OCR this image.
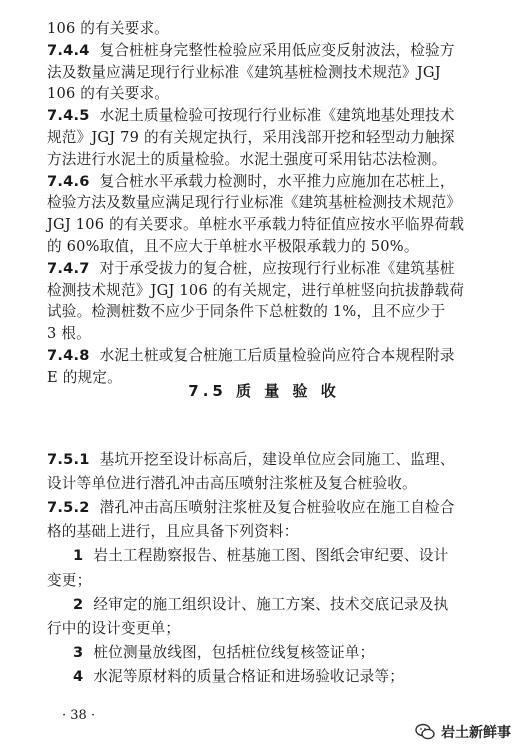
106 的有关要求。
7.4.4 复合桩桩身完整性检验应采用低应变反射波法，检验方
法及数量应满足现行行业标准《建筑基桩检测技术规范》JGJ
106 的有关要求。
7.4.5 水泥土质量检验可按现行行业标准《建筑地基处理技术
规范》JGJ 79 的有关规定执行，采用浅部开挖和轻型动力触探
方法进行水泥土的质量检验。水泥土强度可采用钻芯法检测。
7.4.6 复合桩水平承载力检测时，水平推力应施加在芯桩上，
检验方法及数量应满足现行行业标准《建筑基桩检测技术规范》
JGJ 106 的有关要求。单桩水平承载力特征值应按水平临界荷载
的 60%取值，且不应大于单桩水平极限承载力的 50%。
7.4.7 对于承受拔力的复合桩，应按现行行业标准《建筑基桩
检测技术规范》JGJ 106 的有关规定，进行单桩竖向抗拔静载荷
试验。检测桩数不应少于同条件下总桩数的 1%，且不应少于
3 根。
7.4.8 水泥土桩或复合桩施工后质量检验尚应符合本规程附录
E 的规定。
7.5 质 量 验 收
7.5.1 基坑开挖至设计标高后，建设单位应会同施工、监理、
设计等单位进行潜孔冲击高压喷射注浆桩及复合桩验收。
7.5.2 潜孔冲击高压喷射注浆桩及复合桩验收应在施工自检合
格的基础上进行，且应具备下列资料：
1 岩土工程勘察报告、桩基施工图、图纸会审纪要、设计
变更；
2 经审定的施工组织设计、施工方案、技术交底记录及执
行中的设计变更单；
3 桩位测量放线图，包括桩位线复核签证单；
4 水泥等原材料的质量合格证和进场验收记录等；
· 38 ·
岩土新鲜事
